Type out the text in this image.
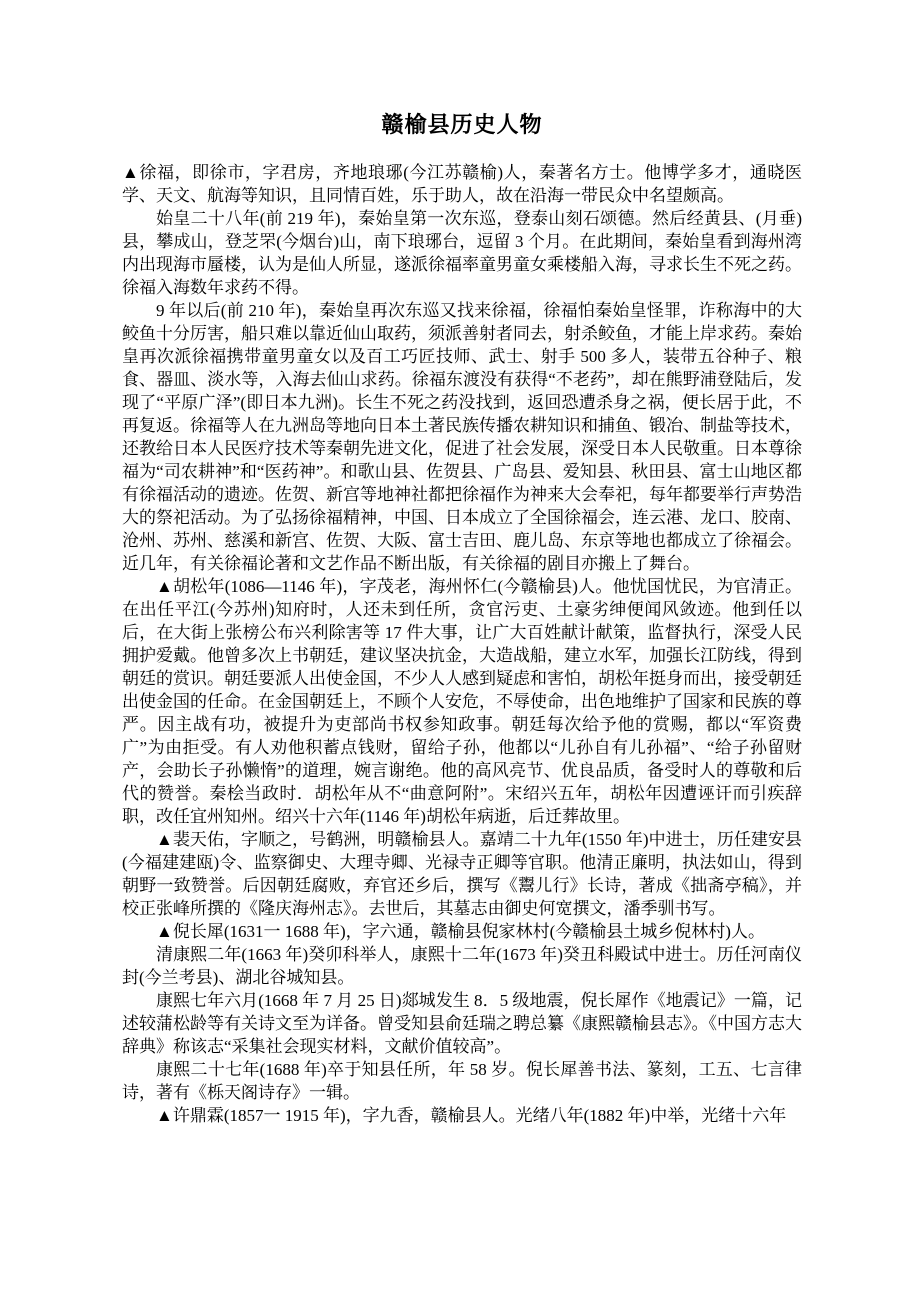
赣榆县历史人物

▲徐福，即徐市，字君房，齐地琅琊(今江苏赣榆)人，秦著名方士。他博学多才，通晓医学、天文、航海等知识，且同情百姓，乐于助人，故在沿海一带民众中名望颇高。

始皇二十八年(前 219 年)，秦始皇第一次东巡，登泰山刻石颂德。然后经黄县、(月垂)县，攀成山，登芝罘(今烟台)山，南下琅琊台，逗留 3 个月。在此期间，秦始皇看到海州湾内出现海市蜃楼，认为是仙人所显，遂派徐福率童男童女乘楼船入海，寻求长生不死之药。徐福入海数年求药不得。

9 年以后(前 210 年)，秦始皇再次东巡又找来徐福，徐福怕秦始皇怪罪，诈称海中的大鲛鱼十分厉害，船只难以靠近仙山取药，须派善射者同去，射杀鲛鱼，才能上岸求药。秦始皇再次派徐福携带童男童女以及百工巧匠技师、武士、射手 500 多人，装带五谷种子、粮食、器皿、淡水等，入海去仙山求药。徐福东渡没有获得“不老药”，却在熊野浦登陆后，发现了“平原广泽”(即日本九洲)。长生不死之药没找到，返回恐遭杀身之祸，便长居于此，不再复返。徐福等人在九洲岛等地向日本土著民族传播农耕知识和捕鱼、锻冶、制盐等技术，还教给日本人民医疗技术等秦朝先进文化，促进了社会发展，深受日本人民敬重。日本尊徐福为“司农耕神”和“医药神”。和歌山县、佐贺县、广岛县、爱知县、秋田县、富士山地区都有徐福活动的遗迹。佐贺、新宫等地神社都把徐福作为神来大会奉祀，每年都要举行声势浩大的祭祀活动。为了弘扬徐福精神，中国、日本成立了全国徐福会，连云港、龙口、胶南、沧州、苏州、慈溪和新宫、佐贺、大阪、富士吉田、鹿儿岛、东京等地也都成立了徐福会。近几年，有关徐福论著和文艺作品不断出版，有关徐福的剧目亦搬上了舞台。

▲胡松年(1086—1146 年)，字茂老，海州怀仁(今赣榆县)人。他忧国忧民，为官清正。在出任平江(今苏州)知府时，人还未到任所，贪官污吏、土豪劣绅便闻风敛迹。他到任以后，在大街上张榜公布兴利除害等 17 件大事，让广大百姓献计献策，监督执行，深受人民拥护爱戴。他曾多次上书朝廷，建议坚决抗金，大造战船，建立水军，加强长江防线，得到朝廷的赏识。朝廷要派人出使金国，不少人人感到疑虑和害怕，胡松年挺身而出，接受朝廷出使金国的任命。在金国朝廷上，不顾个人安危，不辱使命，出色地维护了国家和民族的尊严。因主战有功，被提升为吏部尚书权参知政事。朝廷每次给予他的赏赐，都以“军资费广”为由拒受。有人劝他积蓄点钱财，留给子孙，他都以“儿孙自有儿孙福”、“给子孙留财产，会助长子孙懒惰”的道理，婉言谢绝。他的高风亮节、优良品质，备受时人的尊敬和后代的赞誉。秦桧当政时．胡松年从不“曲意阿附”。宋绍兴五年，胡松年因遭诬讦而引疾辞职，改任宜州知州。绍兴十六年(1146 年)胡松年病逝，后迁葬故里。

▲裴天佑，字顺之，号鹤洲，明赣榆县人。嘉靖二十九年(1550 年)中进士，历任建安县(今福建建瓯)令、监察御史、大理寺卿、光禄寺正卿等官职。他清正廉明，执法如山，得到朝野一致赞誉。后因朝廷腐败，弃官还乡后，撰写《鬻儿行》长诗，著成《拙斋亭稿》，并校正张峰所撰的《隆庆海州志》。去世后，其墓志由御史何宽撰文，潘季驯书写。

▲倪长犀(1631一 1688 年)，字六通，赣榆县倪家林村(今赣榆县土城乡倪林村)人。

清康熙二年(1663 年)癸卯科举人，康熙十二年(1673 年)癸丑科殿试中进士。历任河南仪封(今兰考县)、湖北谷城知县。

康熙七年六月(1668 年 7 月 25 日)郯城发生 8．5 级地震，倪长犀作《地震记》一篇，记述较蒲松龄等有关诗文至为详备。曾受知县俞廷瑞之聘总纂《康熙赣榆县志》。《中国方志大辞典》称该志“采集社会现实材料，文献价值较高”。

康熙二十七年(1688 年)卒于知县任所，年 58 岁。倪长犀善书法、篆刻，工五、七言律诗，著有《栎天阁诗存》一辑。

▲许鼎霖(1857一 1915 年)，字九香，赣榆县人。光绪八年(1882 年)中举，光绪十六年
